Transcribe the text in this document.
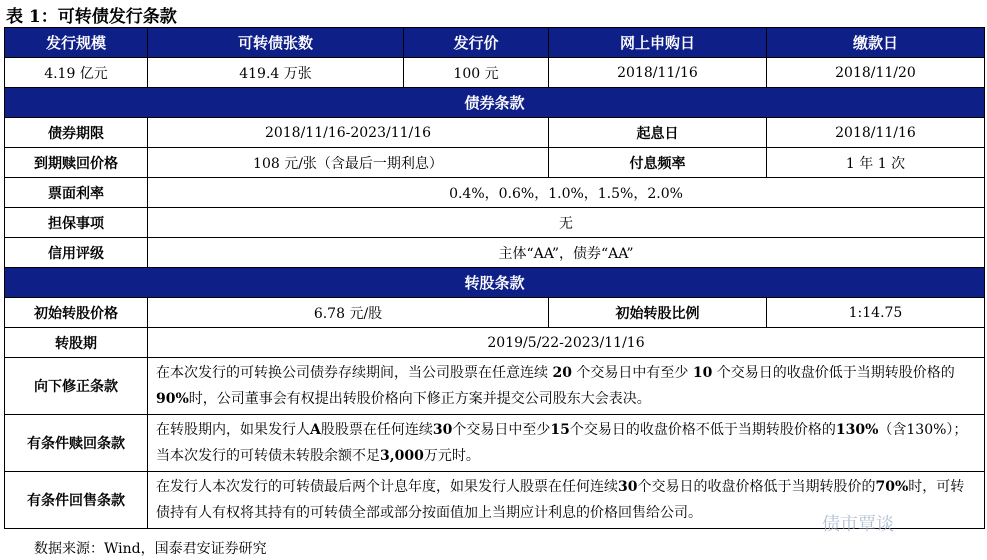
表 1：可转债发行条款
发行规模	可转债张数	发行价	网上申购日	缴款日
4.19 亿元	419.4 万张	100 元	2018/11/16	2018/11/20
债券条款				
债券期限	2018/11/16-2023/11/16		起息日	2018/11/16
到期赎回价格	108 元/张（含最后一期利息）		付息频率	1 年 1 次
票面利率	0.4%，0.6%，1.0%，1.5%，2.0%			
担保事项	无			
信用评级	主体“AA”，债券“AA”			
转股条款				
初始转股价格	6.78 元/股		初始转股比例	1:14.75
转股期	2019/5/22-2023/11/16			
向下修正条款	在本次发行的可转换公司债券存续期间，当公司股票在任意连续 20 个交易日中有至少 10 个交易日的收盘价低于当期转股价格的 90%时，公司董事会有权提出转股价格向下修正方案并提交公司股东大会表决。			
有条件赎回条款	在转股期内，如果发行人A股股票在任何连续30个交易日中至少15个交易日的收盘价格不低于当期转股价格的130%（含130%）；当本次发行的可转债未转股余额不足3,000万元时。			
有条件回售条款	在发行人本次发行的可转债最后两个计息年度，如果发行人股票在任何连续30个交易日的收盘价格低于当期转股价的70%时，可转债持有人有权将其持有的可转债全部或部分按面值加上当期应计利息的价格回售给公司。			
数据来源：Wind，国泰君安证券研究
债市覃谈
